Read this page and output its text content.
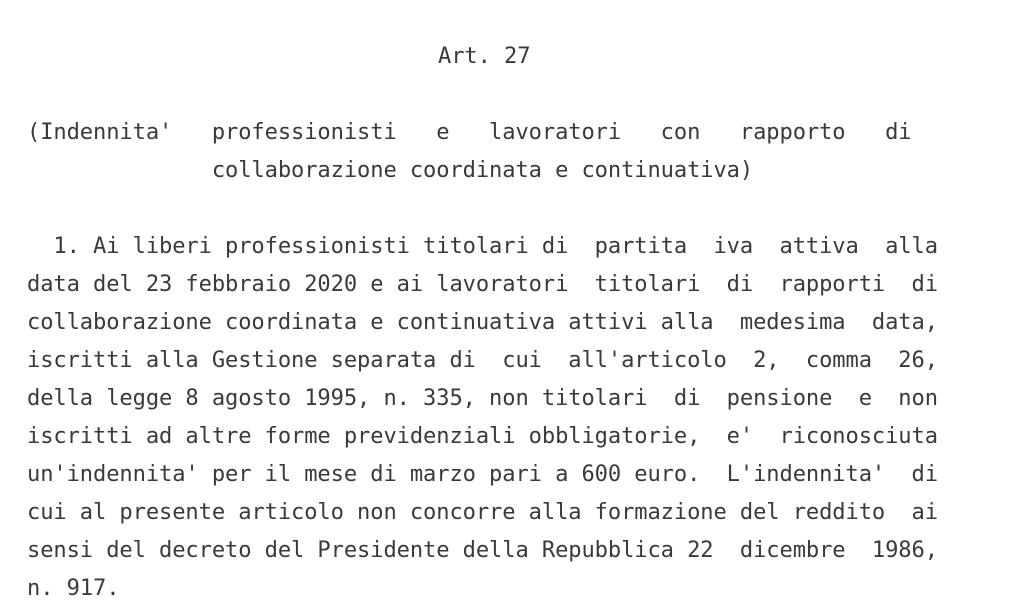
Art. 27
(Indennita'   professionisti   e   lavoratori   con   rapporto   di
collaborazione coordinata e continuativa)
1. Ai liberi professionisti titolari di  partita  iva  attiva  alla
data del 23 febbraio 2020 e ai lavoratori  titolari  di  rapporti  di
collaborazione coordinata e continuativa attivi alla  medesima  data,
iscritti alla Gestione separata di  cui  all'articolo  2,  comma  26,
della legge 8 agosto 1995, n. 335, non titolari  di  pensione  e  non
iscritti ad altre forme previdenziali obbligatorie,  e'  riconosciuta
un'indennita' per il mese di marzo pari a 600 euro.  L'indennita'  di
cui al presente articolo non concorre alla formazione del reddito  ai
sensi del decreto del Presidente della Repubblica 22  dicembre  1986,
n. 917.
